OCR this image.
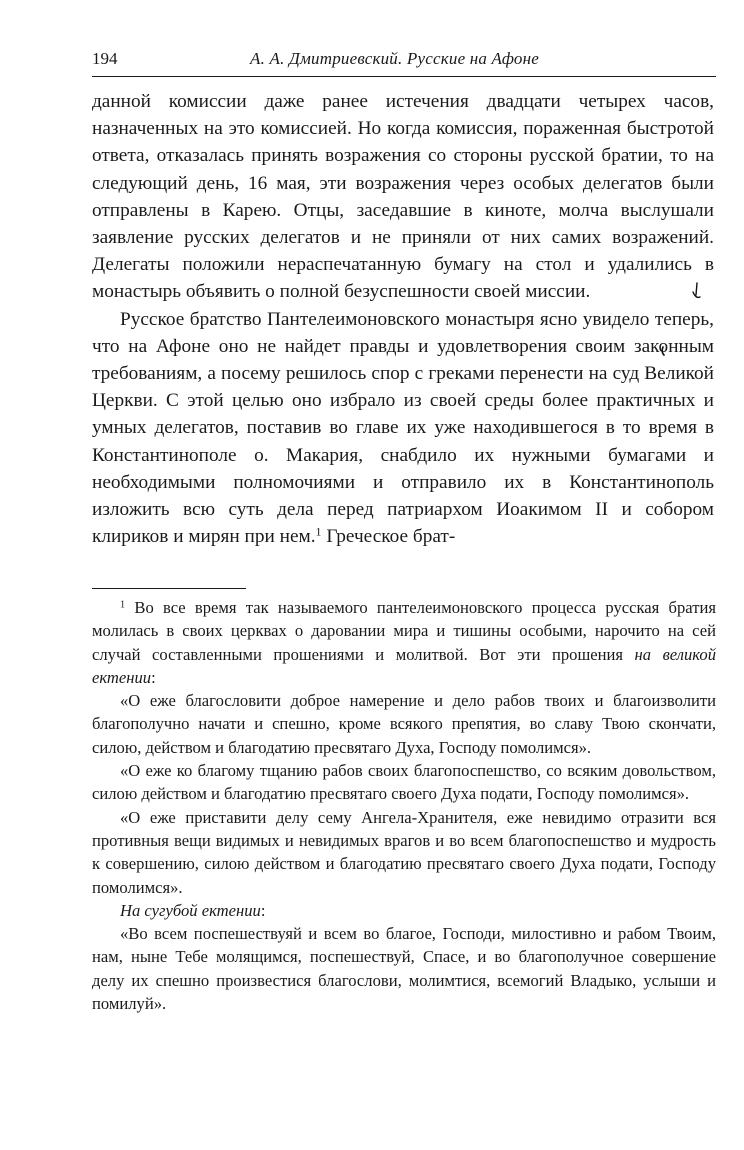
194	А. А. Дмитриевский. Русские на Афоне

данной комиссии даже ранее истечения двадцати четырех часов, назначенных на это комиссией. Но когда комиссия, пораженная быстротой ответа, отказалась принять возражения со стороны русской братии, то на следующий день, 16 мая, эти возражения через особых делегатов были отправлены в Карею. Отцы, заседавшие в киноте, молча выслушали заявление русских делегатов и не приняли от них самих возражений. Делегаты положили нераспечатанную бумагу на стол и удалились в монастырь объявить о полной безуспешности своей миссии.

Русское братство Пантелеимоновского монастыря ясно увидело теперь, что на Афоне оно не найдет правды и удовлетворения своим законным требованиям, а посему решилось спор с греками перенести на суд Великой Церкви. С этой целью оно избрало из своей среды более практичных и умных делегатов, поставив во главе их уже находившегося в то время в Константинополе о. Макария, снабдило их нужными бумагами и необходимыми полномочиями и отправило их в Константинополь изложить всю суть дела перед патриархом Иоакимом II и собором клириков и мирян при нем.$^1$ Греческое брат-

$^1$ Во все время так называемого пантелеимоновского процесса русская братия молилась в своих церквах о даровании мира и тишины особыми, нарочито на сей случай составленными прошениями и молитвой. Вот эти прошения на великой ектении:

«О еже благословити доброе намерение и дело рабов твоих и благоизволити благополучно начати и спешно, кроме всякого препятия, во славу Твою скончати, силою, действом и благодатию пресвятаго Духа, Господу помолимся».

«О еже ко благому тщанию рабов своих благопоспешство, со всяким довольством, силою действом и благодатию пресвятаго своего Духа подати, Господу помолимся».

«О еже приставити делу сему Ангела-Хранителя, еже невидимо отразити вся противныя вещи видимых и невидимых врагов и во всем благопоспешство и мудрость к совершению, силою действом и благодатию пресвятаго своего Духа подати, Господу помолимся».

На сугубой ектении:

«Во всем поспешествуяй и всем во благое, Господи, милостивно и рабом Твоим, нам, ныне Тебе молящимся, поспешествуй, Спасе, и во благополучное совершение делу их спешно произвестися благослови, молимтися, всемогий Владыко, услыши и помилуй».
